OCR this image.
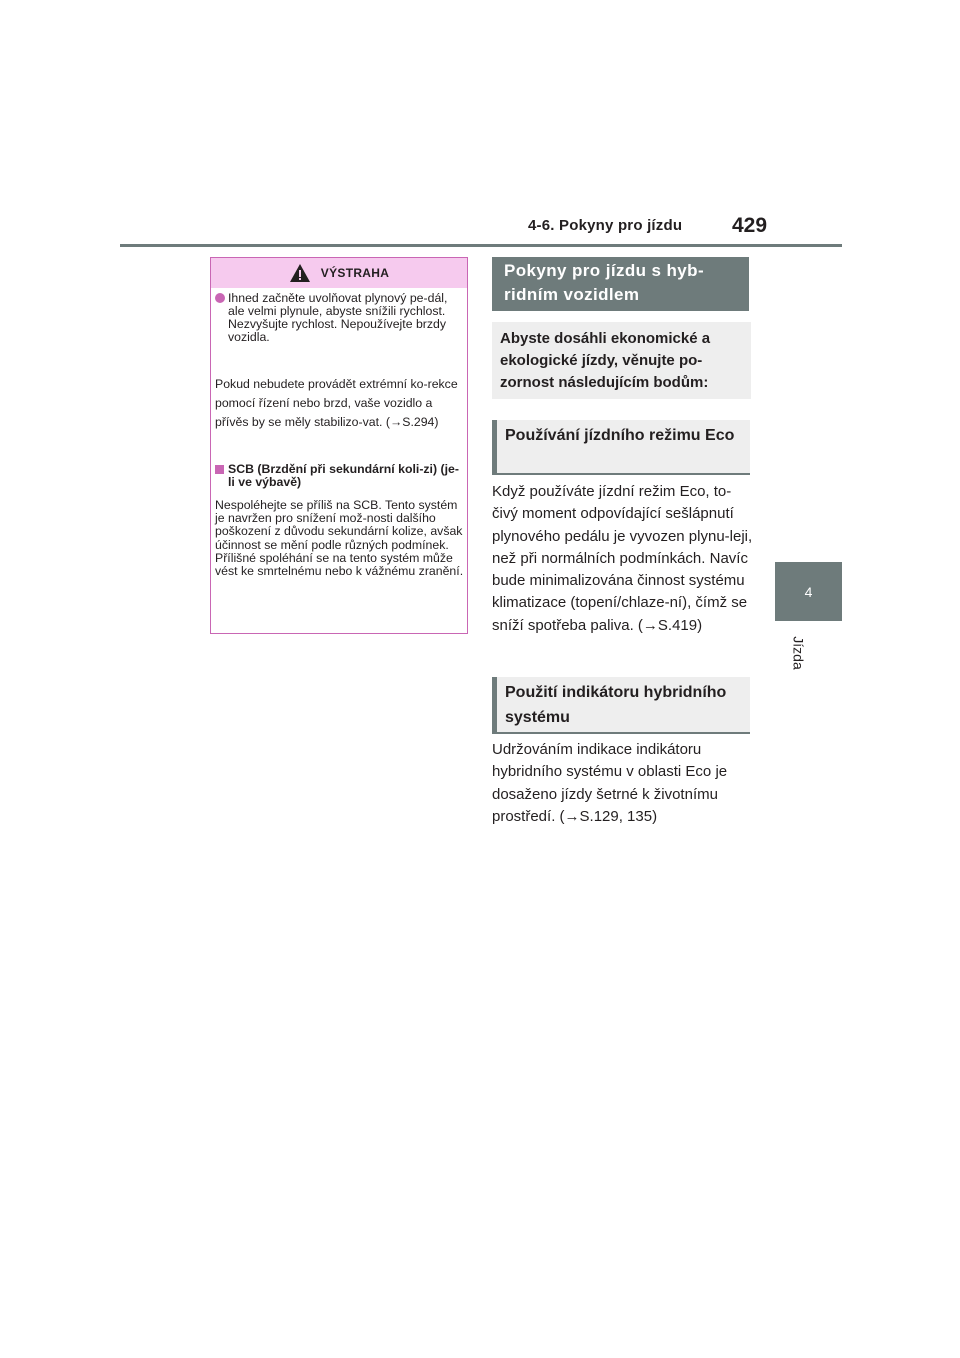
4-6. Pokyny pro jízdu 429
4
Jízda
VÝSTRAHA
Ihned začněte uvolňovat plynový pe-dál, ale velmi plynule, abyste snížili rychlost.
Nezvyšujte rychlost. Nepoužívejte brzdy vozidla.
Pokud nebudete provádět extrémní ko-rekce pomocí řízení nebo brzd, vaše vozidlo a přívěs by se měly stabilizo-vat. (→S.294)
SCB (Brzdění při sekundární koli-zi) (je-li ve výbavě)
Nespoléhejte se příliš na SCB. Tento systém je navržen pro snížení mož-nosti dalšího poškození z důvodu sekundární kolize, avšak účinnost se mění podle různých podmínek. Přílišné spoléhání se na tento systém může vést ke smrtelnému nebo k vážnému zranění.
Pokyny pro jízdu s hyb-ridním vozidlem
Abyste dosáhli ekonomické a ekologické jízdy, věnujte po-zornost následujícím bodům:
Používání jízdního režimu Eco
Když používáte jízdní režim Eco, to-čivý moment odpovídající sešlápnutí plynového pedálu je vyvozen plynu-leji, než při normálních podmínkách. Navíc bude minimalizována činnost systému klimatizace (topení/chlaze-ní), čímž se sníží spotřeba paliva. (→S.419)
Použití indikátoru hybridního systému
Udržováním indikace indikátoru hybridního systému v oblasti Eco je dosaženo jízdy šetrné k životnímu prostředí. (→S.129, 135)
